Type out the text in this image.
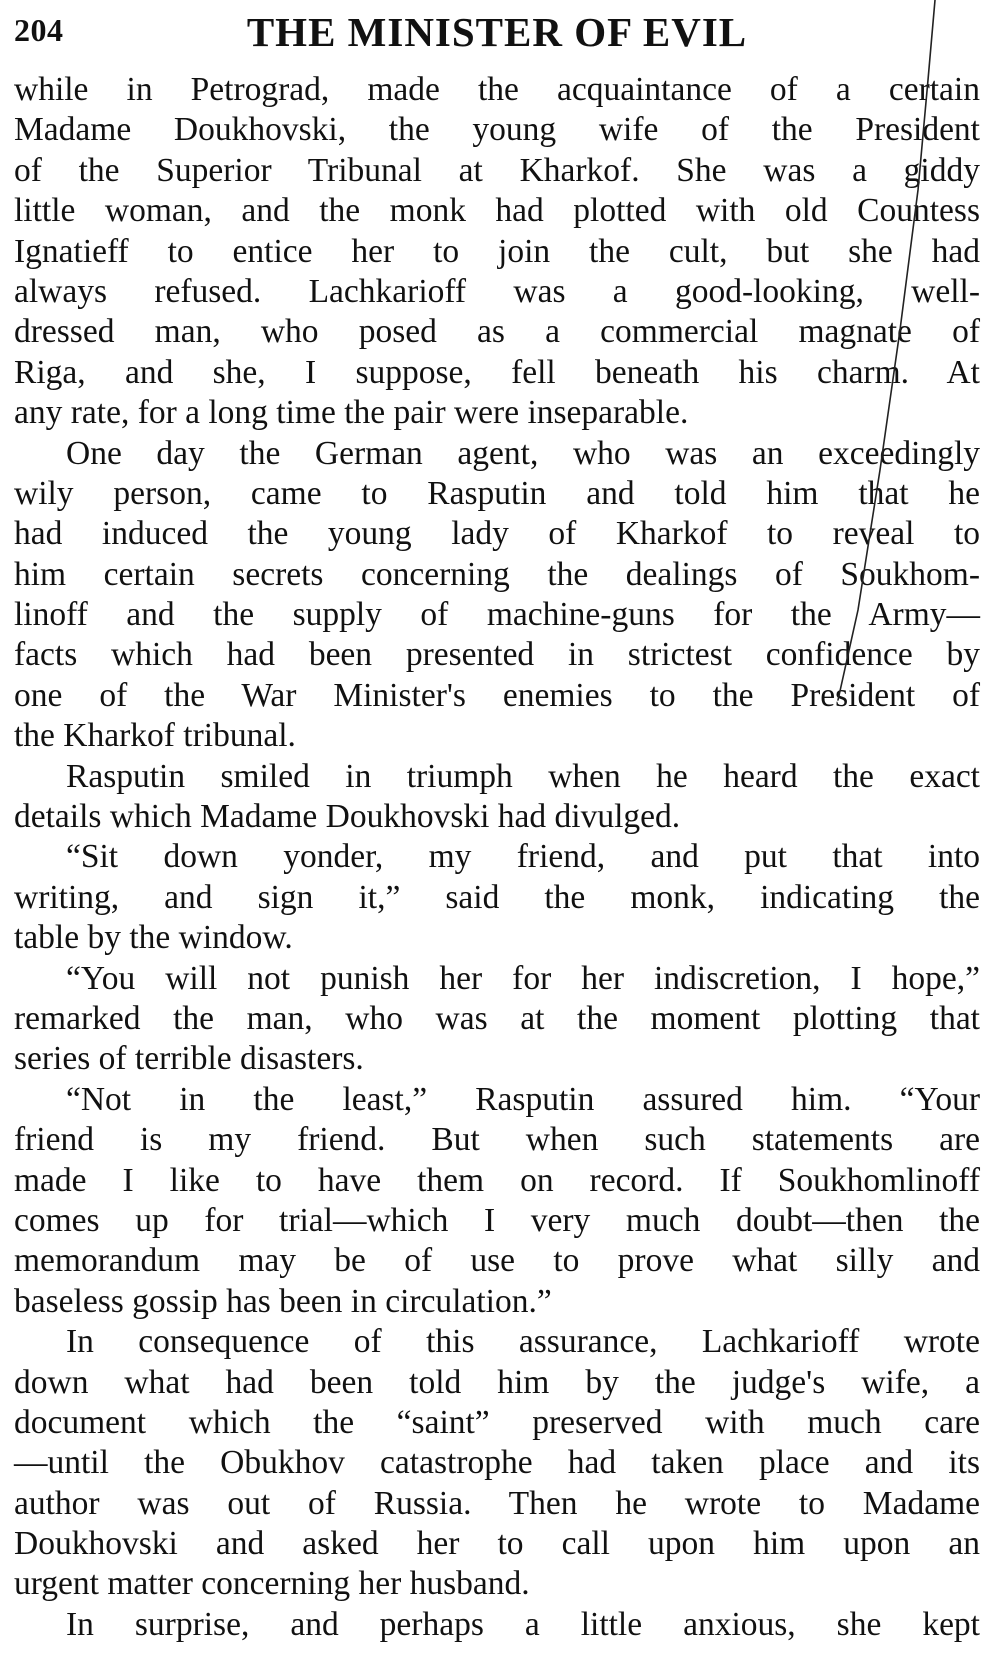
204	THE MINISTER OF EVIL
while in Petrograd, made the acquaintance of a certain
Madame Doukhovski, the young wife of the President
of the Superior Tribunal at Kharkof. She was a giddy
little woman, and the monk had plotted with old Countess
Ignatieff to entice her to join the cult, but she had
always refused. Lachkarioff was a good-looking, well-
dressed man, who posed as a commercial magnate of
Riga, and she, I suppose, fell beneath his charm. At
any rate, for a long time the pair were inseparable.
One day the German agent, who was an exceedingly
wily person, came to Rasputin and told him that he
had induced the young lady of Kharkof to reveal to
him certain secrets concerning the dealings of Soukhom-
linoff and the supply of machine-guns for the Army—
facts which had been presented in strictest confidence by
one of the War Minister's enemies to the President of
the Kharkof tribunal.
Rasputin smiled in triumph when he heard the exact
details which Madame Doukhovski had divulged.
“Sit down yonder, my friend, and put that into
writing, and sign it,” said the monk, indicating the
table by the window.
“You will not punish her for her indiscretion, I hope,”
remarked the man, who was at the moment plotting that
series of terrible disasters.
“Not in the least,” Rasputin assured him. “Your
friend is my friend. But when such statements are
made I like to have them on record. If Soukhomlinoff
comes up for trial—which I very much doubt—then the
memorandum may be of use to prove what silly and
baseless gossip has been in circulation.”
In consequence of this assurance, Lachkarioff wrote
down what had been told him by the judge's wife, a
document which the “saint” preserved with much care
—until the Obukhov catastrophe had taken place and its
author was out of Russia. Then he wrote to Madame
Doukhovski and asked her to call upon him upon an
urgent matter concerning her husband.
In surprise, and perhaps a little anxious, she kept
